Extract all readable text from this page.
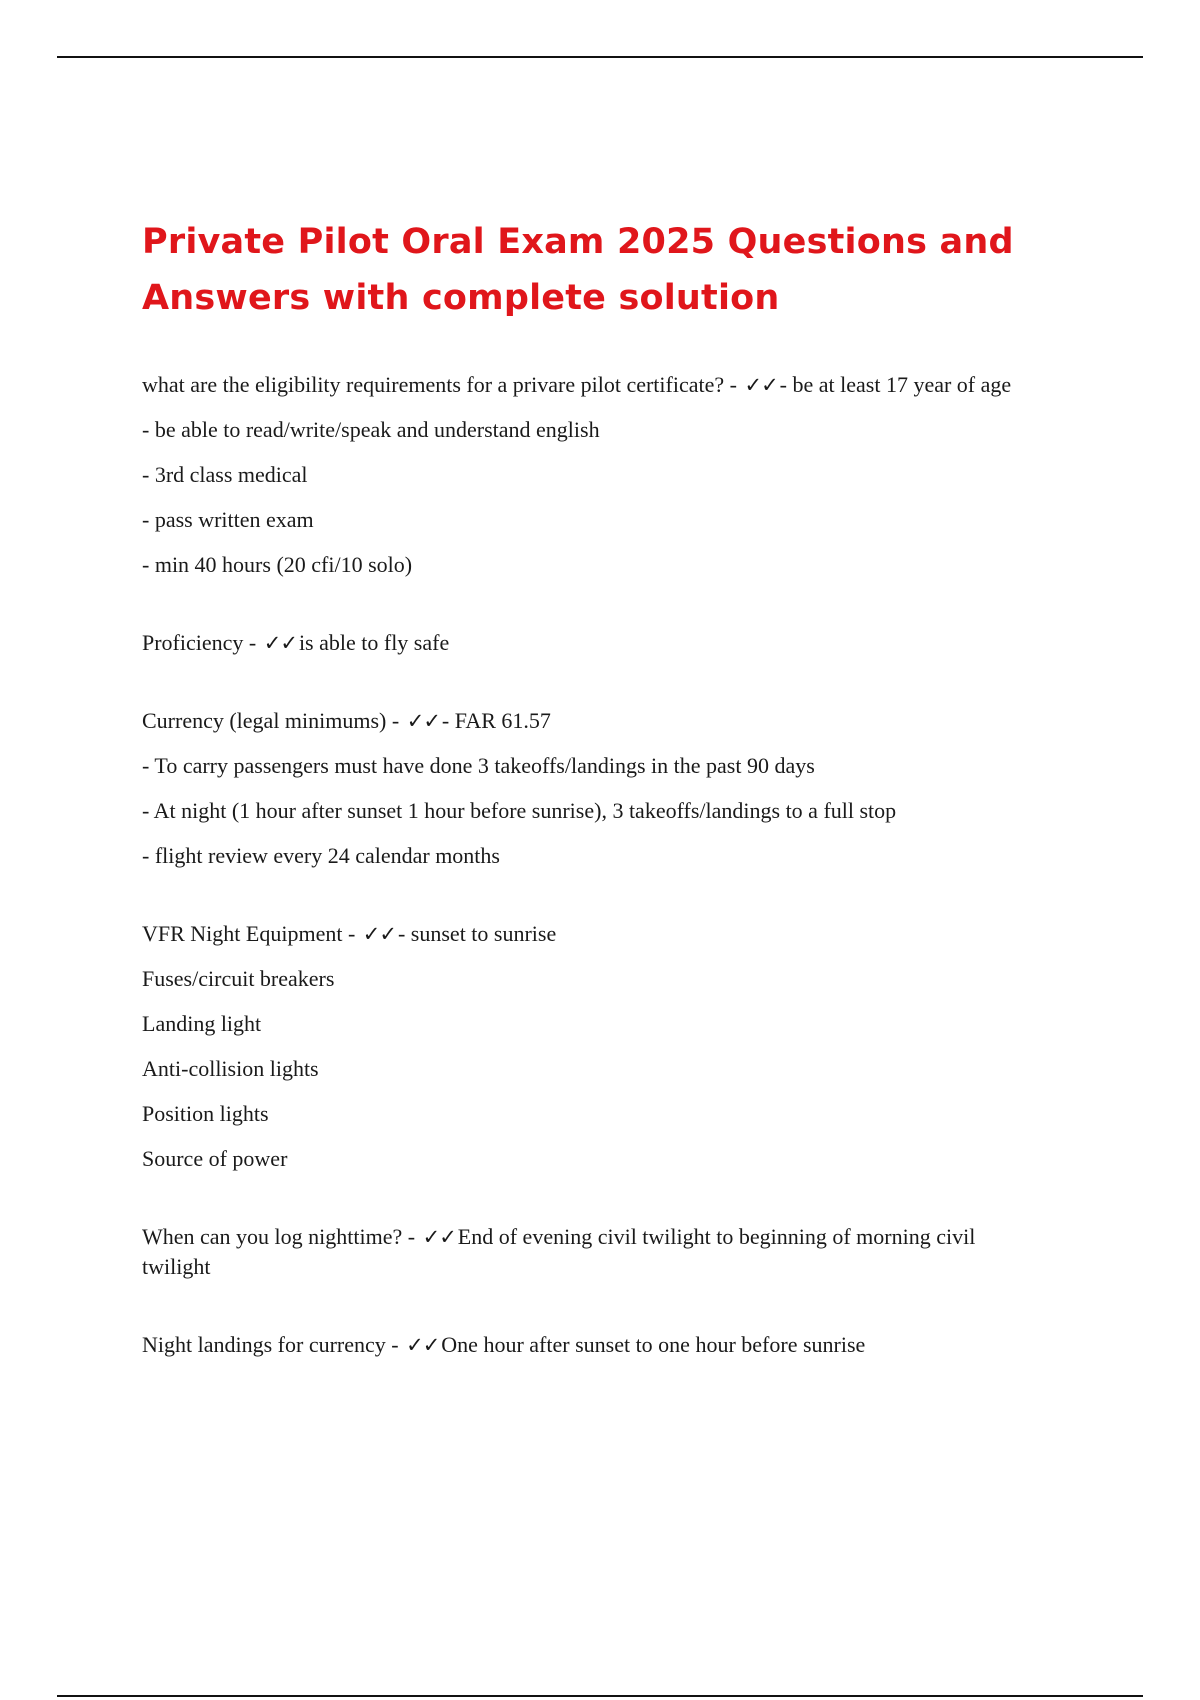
Private Pilot Oral Exam 2025 Questions and Answers with complete solution
what are the eligibility requirements for a privare pilot certificate? - ✓✓- be at least 17 year of age
- be able to read/write/speak and understand english
- 3rd class medical
- pass written exam
- min 40 hours (20 cfi/10 solo)
Proficiency - ✓✓is able to fly safe
Currency (legal minimums) - ✓✓- FAR 61.57
- To carry passengers must have done 3 takeoffs/landings in the past 90 days
- At night (1 hour after sunset 1 hour before sunrise), 3 takeoffs/landings to a full stop
- flight review every 24 calendar months
VFR Night Equipment - ✓✓- sunset to sunrise
Fuses/circuit breakers
Landing light
Anti-collision lights
Position lights
Source of power
When can you log nighttime? - ✓✓End of evening civil twilight to beginning of morning civil twilight
Night landings for currency - ✓✓One hour after sunset to one hour before sunrise
